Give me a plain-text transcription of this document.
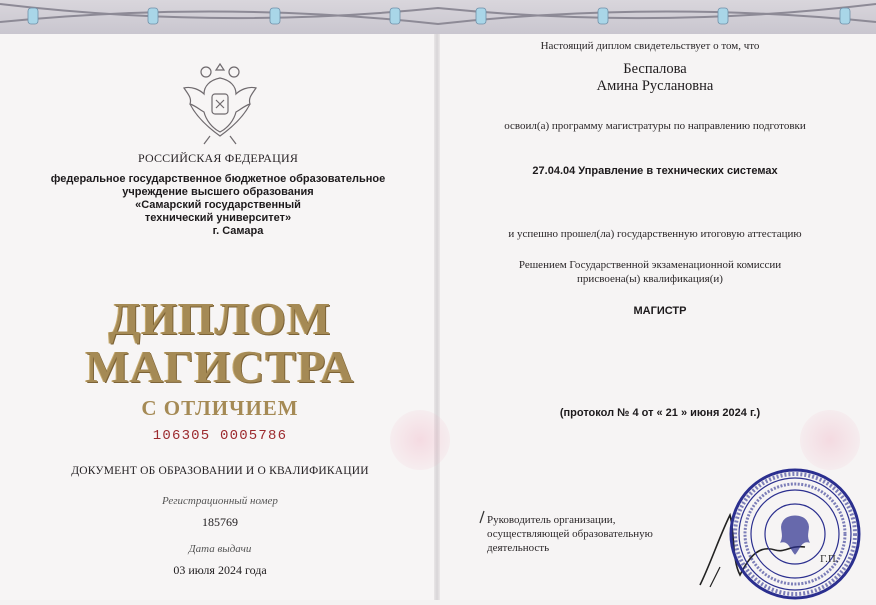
РОССИЙСКАЯ ФЕДЕРАЦИЯ
федеральное государственное бюджетное образовательное
учреждение высшего образования
«Самарский государственный
технический университет»
г. Самара
ДИПЛОМ
МАГИСТРА
С ОТЛИЧИЕМ
106305 0005786
ДОКУМЕНТ ОБ ОБРАЗОВАНИИ И О КВАЛИФИКАЦИИ
Регистрационный номер
185769
Дата выдачи
03 июля 2024 года
Настоящий диплом свидетельствует о том, что
Беспалова
Амина Руслановна
освоил(а) программу магистратуры по направлению подготовки
27.04.04 Управление в технических системах
и успешно прошел(ла) государственную итоговую аттестацию
Решением Государственной экзаменационной комиссии
присвоена(ы) квалификация(и)
МАГИСТР
(протокол № 4 от « 21 » июня 2024 г.)
Руководитель организации,
осуществляющей образовательную
деятельность
Г.П.
